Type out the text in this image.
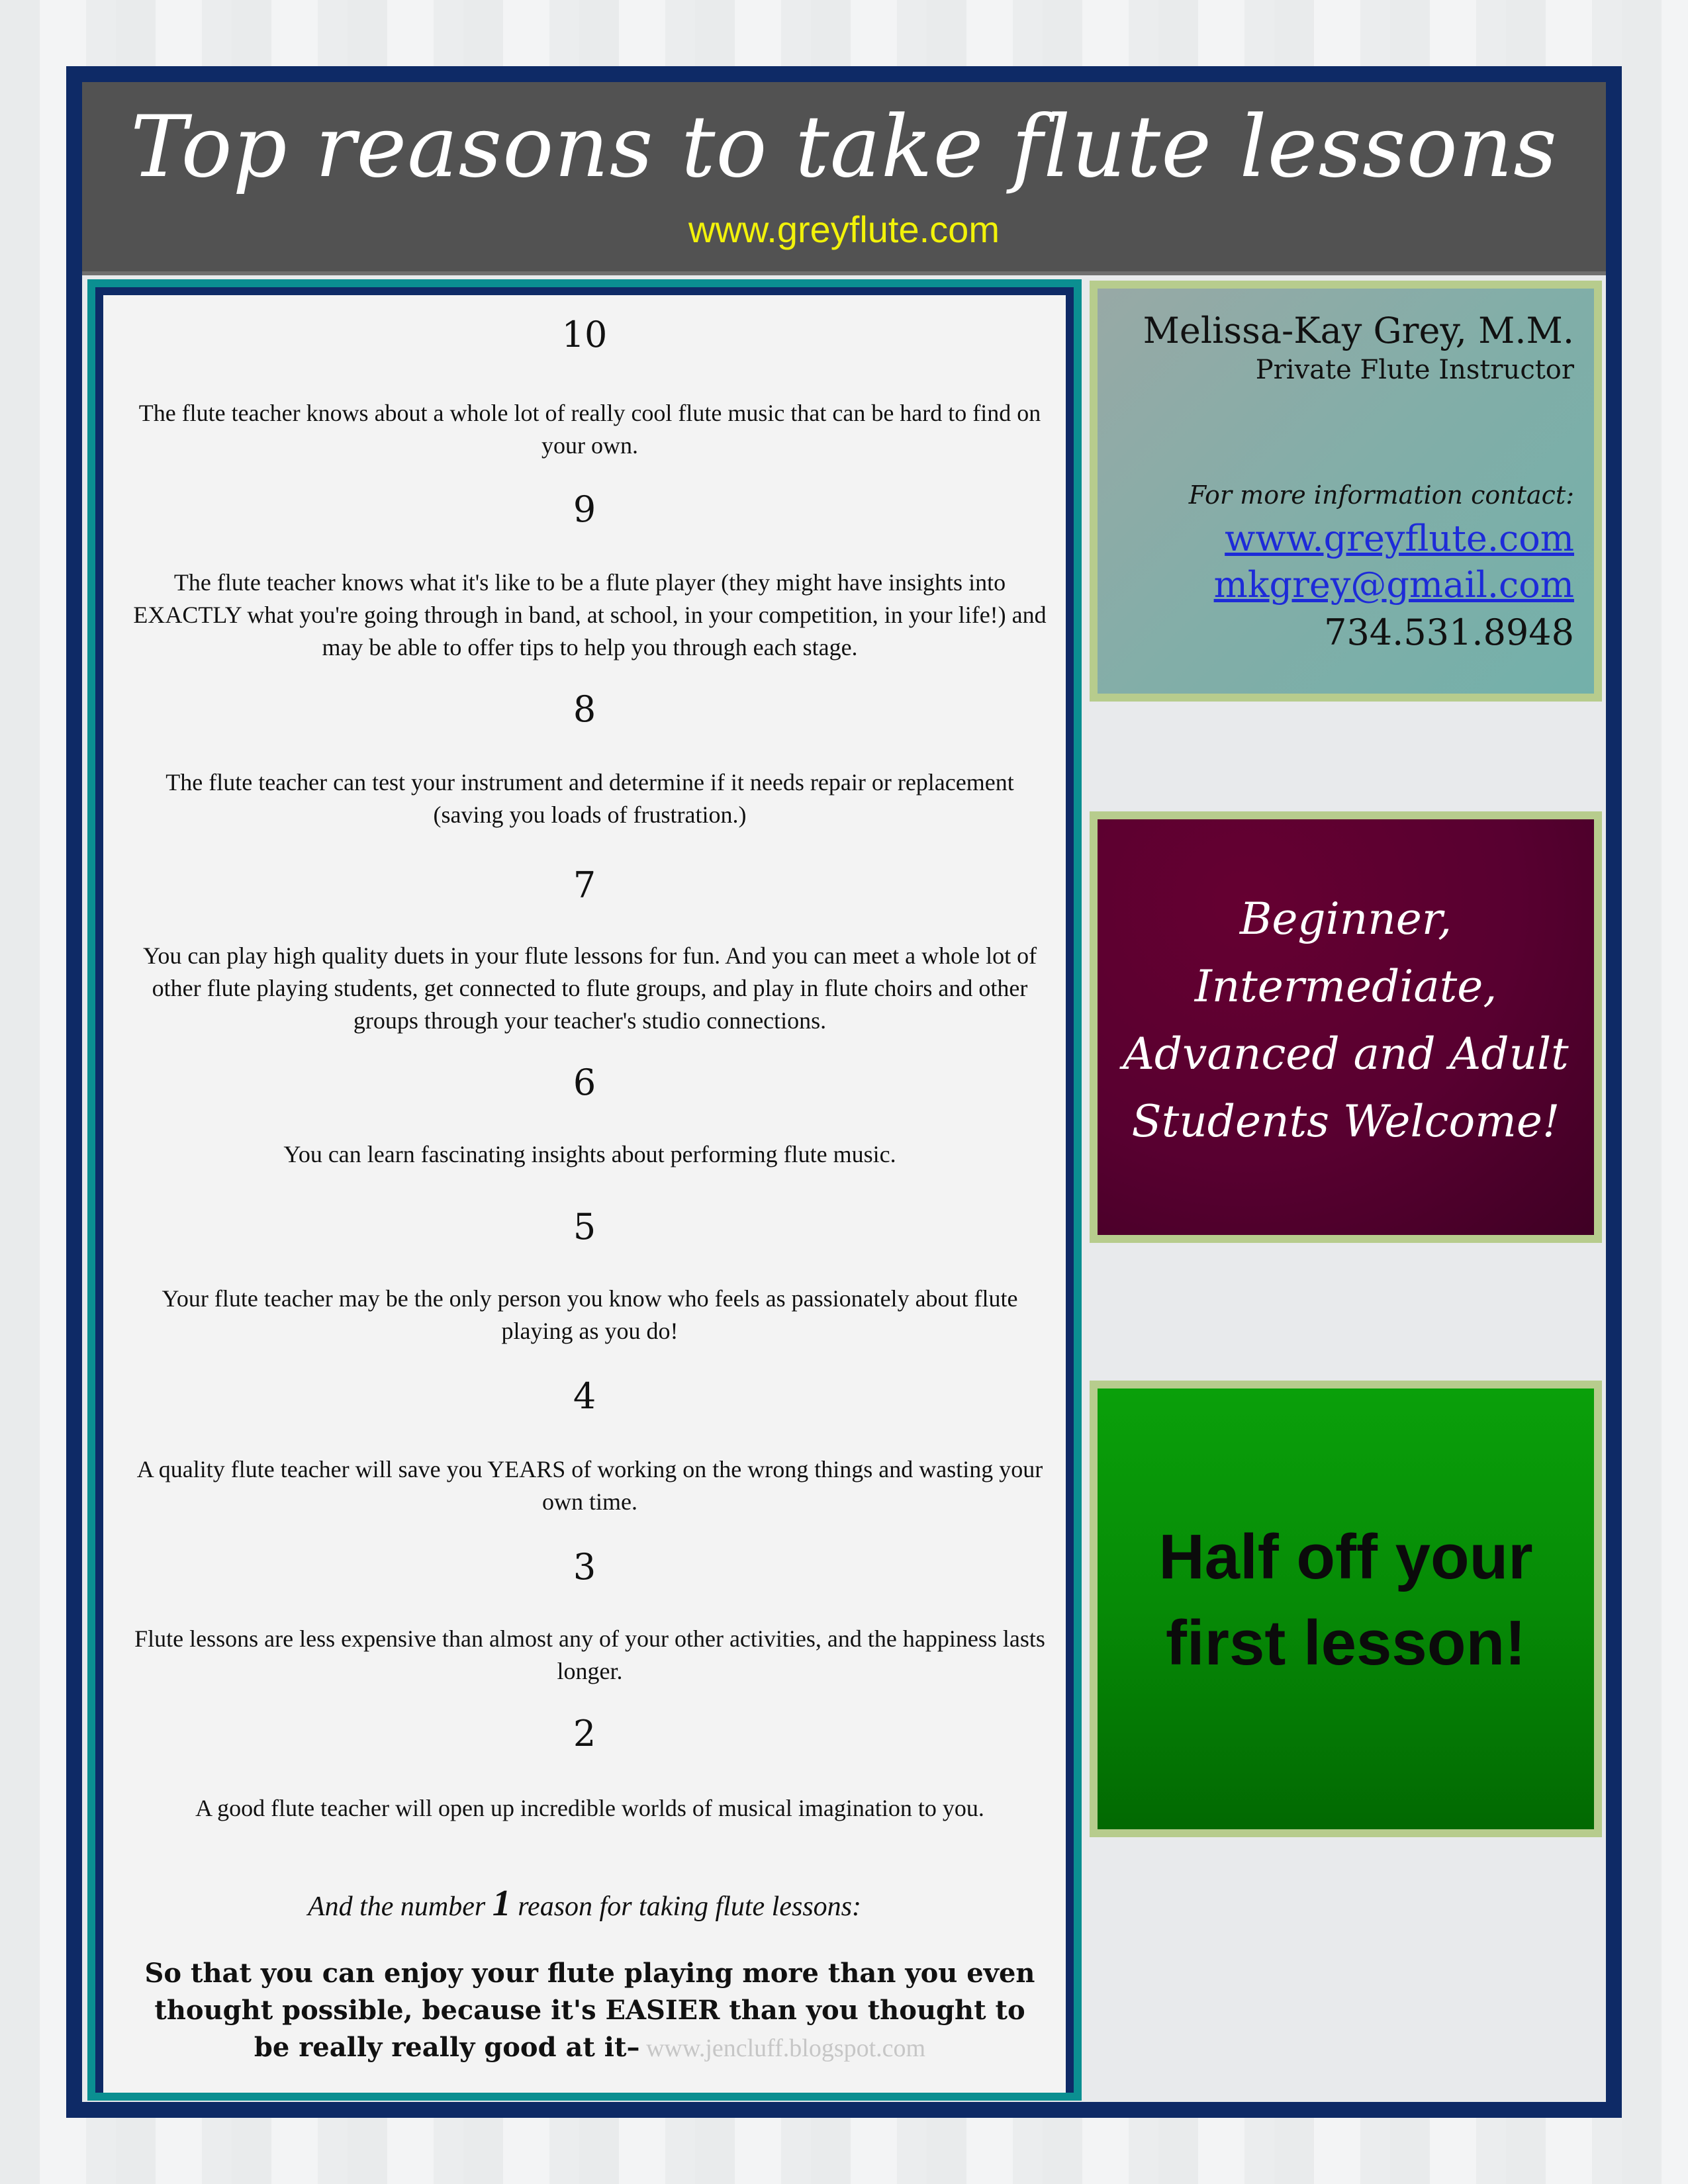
Top reasons to take flute lessons
www.greyflute.com
10
The flute teacher knows about a whole lot of really cool flute music that can be hard to find on your own.
9
The flute teacher knows what it's like to be a flute player (they might have insights into EXACTLY what you're going through in band, at school, in your competition, in your life!) and may be able to offer tips to help you through each stage.
8
The flute teacher can test your instrument and determine if it needs repair or replacement (saving you loads of frustration.)
7
You can play high quality duets in your flute lessons for fun. And you can meet a whole lot of other flute playing students, get connected to flute groups, and play in flute choirs and other groups through your teacher's studio connections.
6
You can learn fascinating insights about performing flute music.
5
Your flute teacher may be the only person you know who feels as passionately about flute playing as you do!
4
A quality flute teacher will save you YEARS of working on the wrong things and wasting your own time.
3
Flute lessons are less expensive than almost any of your other activities, and the happiness lasts longer.
2
A good flute teacher will open up incredible worlds of musical imagination to you.
And the number 1 reason for taking flute lessons:
So that you can enjoy your flute playing more than you even thought possible, because it's EASIER than you thought to be really really good at it– www.jencluff.blogspot.com
Melissa-Kay Grey, M.M.
Private Flute Instructor
For more information contact:
www.greyflute.com
mkgrey@gmail.com
734.531.8948
Beginner, Intermediate, Advanced and Adult Students Welcome!
Half off your first lesson!
